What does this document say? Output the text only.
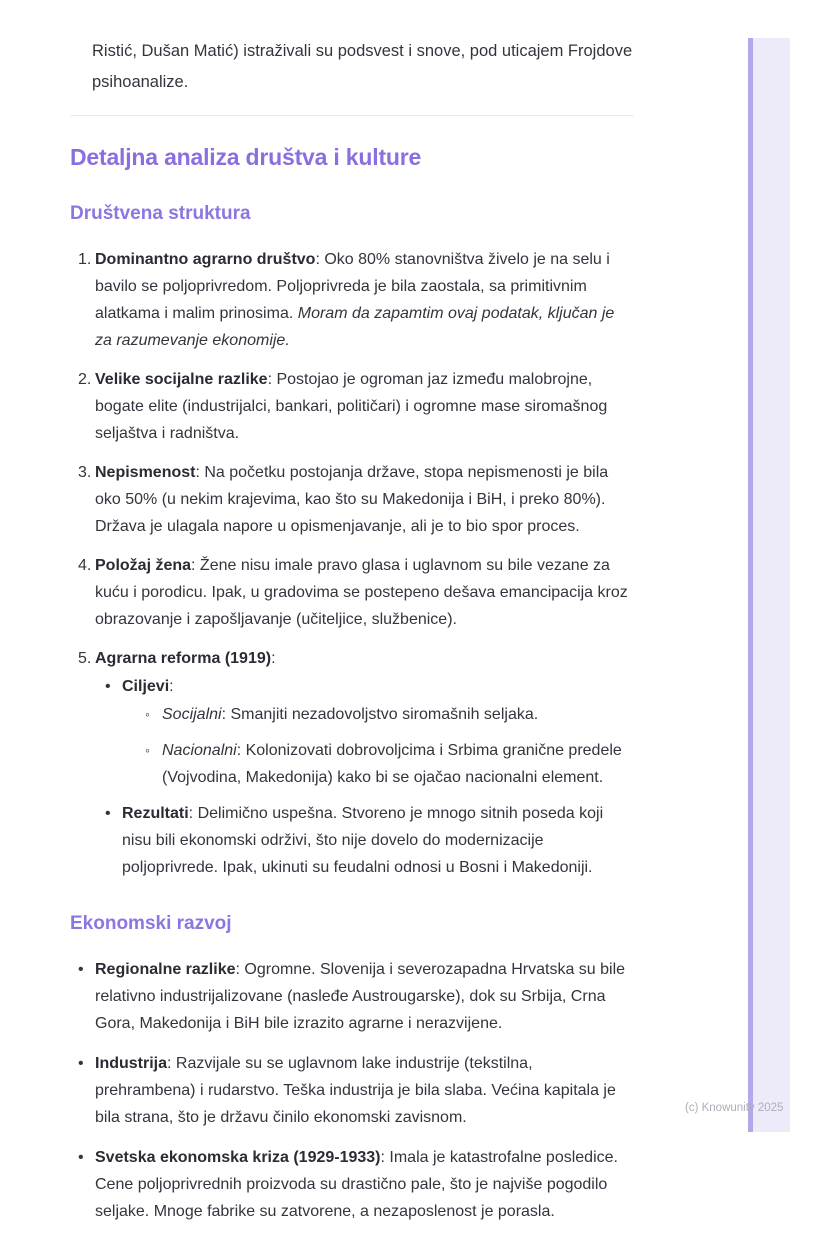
Ristić, Dušan Matić) istraživali su podsvest i snove, pod uticajem Frojdove psihoanalize.

Detaljna analiza društva i kulture
Društvena struktura
1. Dominantno agrarno društvo: Oko 80% stanovništva živelo je na selu i bavilo se poljoprivredom. Poljoprivreda je bila zaostala, sa primitivnim alatkama i malim prinosima. Moram da zapamtim ovaj podatak, ključan je za razumevanje ekonomije.
2. Velike socijalne razlike: Postojao je ogroman jaz između malobrojne, bogate elite (industrijalci, bankari, političari) i ogromne mase siromašnog seljaštva i radništva.
3. Nepismenost: Na početku postojanja države, stopa nepismenosti je bila oko 50% (u nekim krajevima, kao što su Makedonija i BiH, i preko 80%). Država je ulagala napore u opismenjavanje, ali je to bio spor proces.
4. Položaj žena: Žene nisu imale pravo glasa i uglavnom su bile vezane za kuću i porodicu. Ipak, u gradovima se postepeno dešava emancipacija kroz obrazovanje i zapošljavanje (učiteljice, službenice).
5. Agrarna reforma (1919):
• Ciljevi:
◦ Socijalni: Smanjiti nezadovoljstvo siromašnih seljaka.
◦ Nacionalni: Kolonizovati dobrovoljcima i Srbima granične predele (Vojvodina, Makedonija) kako bi se ojačao nacionalni element.
• Rezultati: Delimično uspešna. Stvoreno je mnogo sitnih poseda koji nisu bili ekonomski održivi, što nije dovelo do modernizacije poljoprivrede. Ipak, ukinuti su feudalni odnosi u Bosni i Makedoniji.
Ekonomski razvoj
• Regionalne razlike: Ogromne. Slovenija i severozapadna Hrvatska su bile relativno industrijalizovane (nasleđe Austrougarske), dok su Srbija, Crna Gora, Makedonija i BiH bile izrazito agrarne i nerazvijene.
• Industrija: Razvijale su se uglavnom lake industrije (tekstilna, prehrambena) i rudarstvo. Teška industrija je bila slaba. Većina kapitala je bila strana, što je državu činilo ekonomski zavisnom.
• Svetska ekonomska kriza (1929-1933): Imala je katastrofalne posledice. Cene poljoprivrednih proizvoda su drastično pale, što je najviše pogodilo seljake. Mnoge fabrike su zatvorene, a nezaposlenost je porasla.
(c) Knowunity 2025
